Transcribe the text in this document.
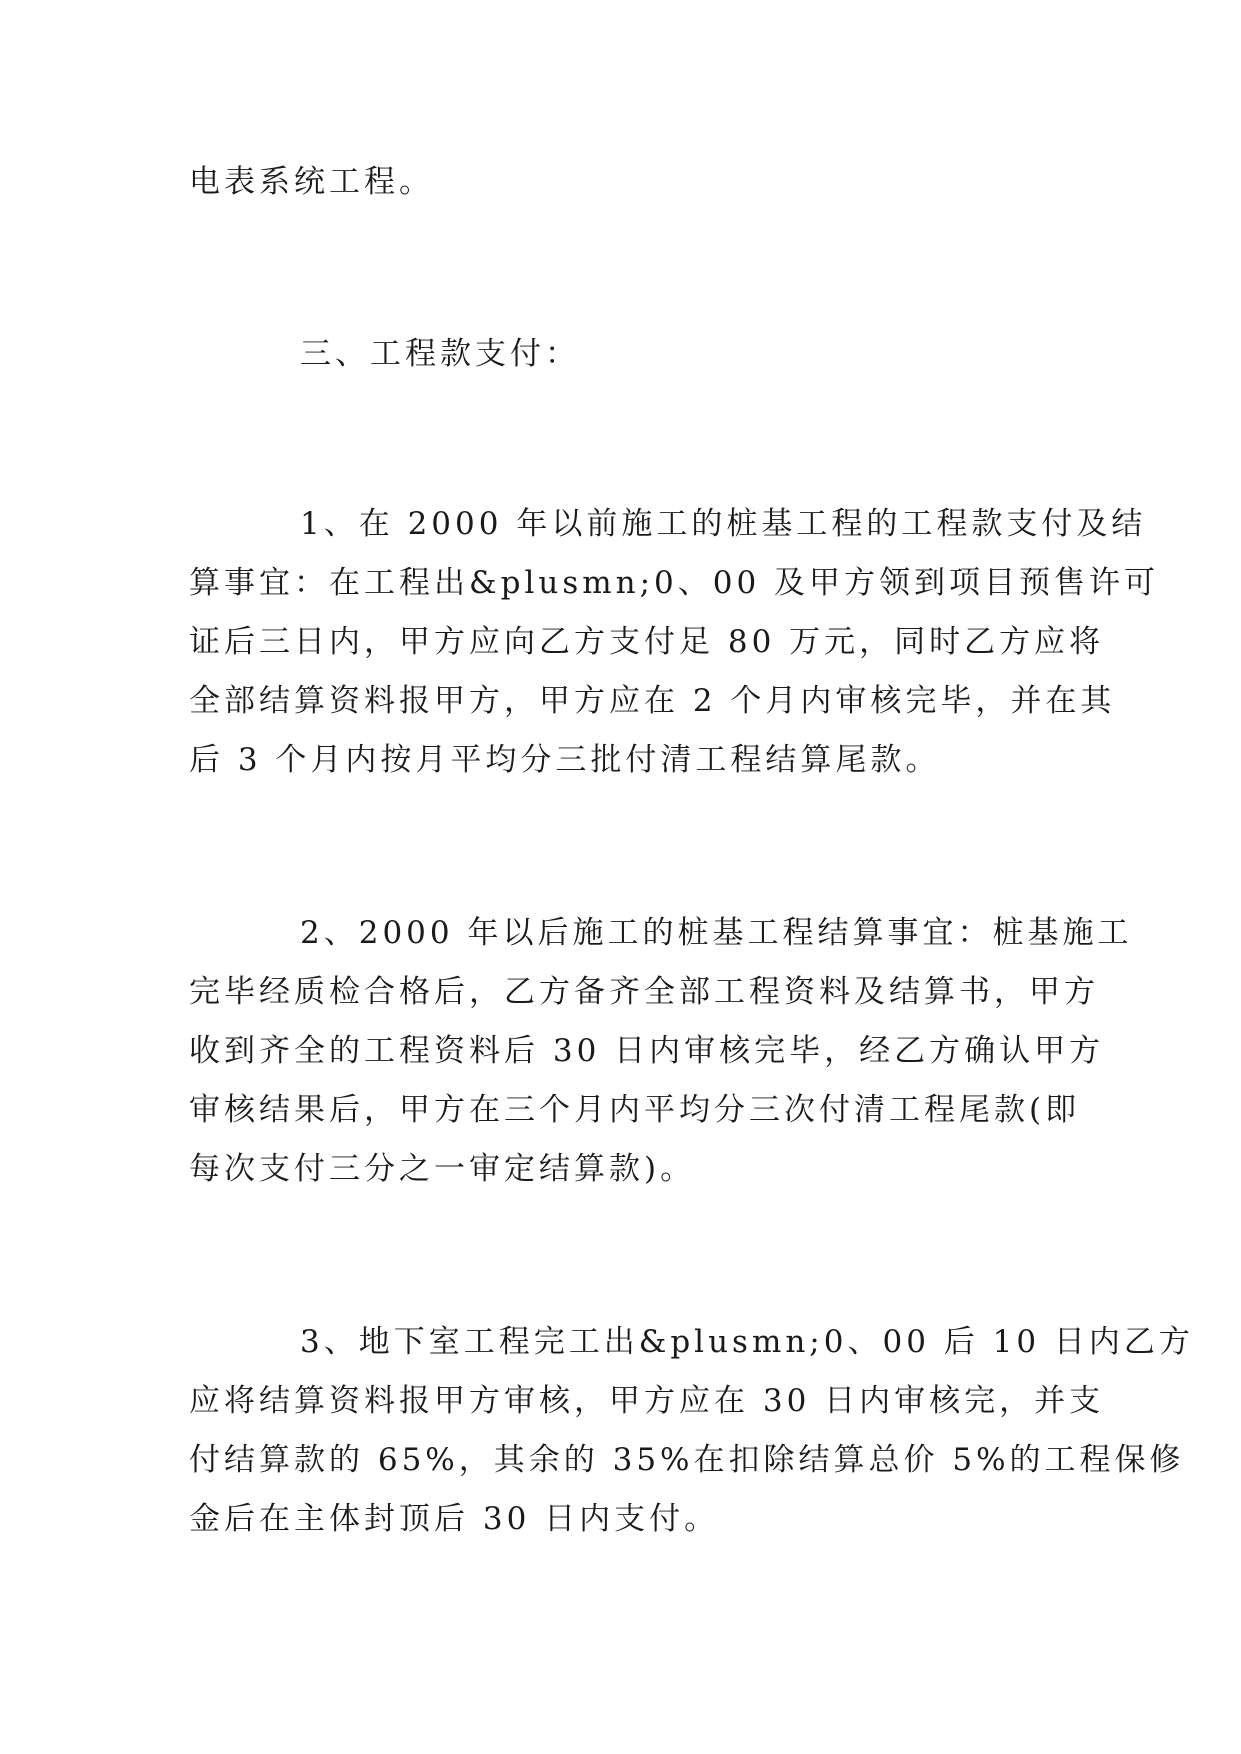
电表系统工程。
三、工程款支付：
1、在 2000 年以前施工的桩基工程的工程款支付及结
算事宜：在工程出&plusmn;0、00 及甲方领到项目预售许可
证后三日内，甲方应向乙方支付足 80 万元，同时乙方应将
全部结算资料报甲方，甲方应在 2 个月内审核完毕，并在其
后 3 个月内按月平均分三批付清工程结算尾款。
2、2000 年以后施工的桩基工程结算事宜：桩基施工
完毕经质检合格后，乙方备齐全部工程资料及结算书，甲方
收到齐全的工程资料后 30 日内审核完毕，经乙方确认甲方
审核结果后，甲方在三个月内平均分三次付清工程尾款(即
每次支付三分之一审定结算款)。
3、地下室工程完工出&plusmn;0、00 后 10 日内乙方
应将结算资料报甲方审核，甲方应在 30 日内审核完，并支
付结算款的 65%，其余的 35%在扣除结算总价 5%的工程保修
金后在主体封顶后 30 日内支付。
